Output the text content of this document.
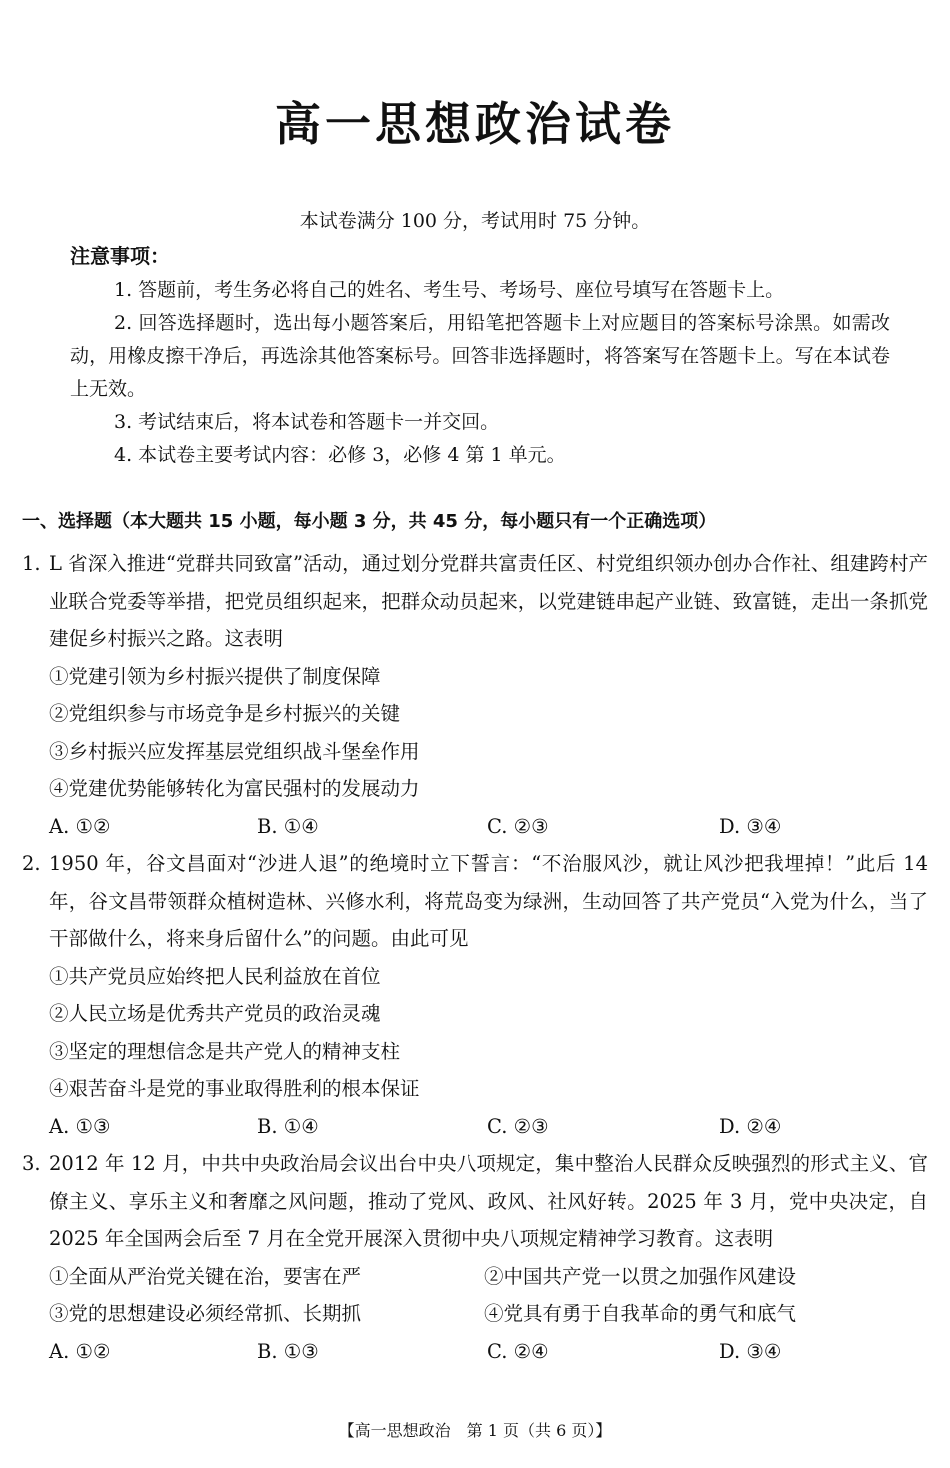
高一思想政治试卷
本试卷满分 100 分，考试用时 75 分钟。
注意事项：

1. 答题前，考生务必将自己的姓名、考生号、考场号、座位号填写在答题卡上。

2. 回答选择题时，选出每小题答案后，用铅笔把答题卡上对应题目的答案标号涂黑。如需改动，用橡皮擦干净后，再选涂其他答案标号。回答非选择题时，将答案写在答题卡上。写在本试卷上无效。

3. 考试结束后，将本试卷和答题卡一并交回。

4. 本试卷主要考试内容：必修 3，必修 4 第 1 单元。

一、选择题（本大题共 15 小题，每小题 3 分，共 45 分，每小题只有一个正确选项）
1. L 省深入推进“党群共同致富”活动，通过划分党群共富责任区、村党组织领办创办合作社、组建跨村产业联合党委等举措，把党员组织起来，把群众动员起来，以党建链串起产业链、致富链，走出一条抓党建促乡村振兴之路。这表明
①党建引领为乡村振兴提供了制度保障
②党组织参与市场竞争是乡村振兴的关键
③乡村振兴应发挥基层党组织战斗堡垒作用
④党建优势能够转化为富民强村的发展动力
A. ①②	B. ①④	C. ②③	D. ③④
2. 1950 年，谷文昌面对“沙进人退”的绝境时立下誓言：“不治服风沙，就让风沙把我埋掉！”此后 14 年，谷文昌带领群众植树造林、兴修水利，将荒岛变为绿洲，生动回答了共产党员“入党为什么，当了干部做什么，将来身后留什么”的问题。由此可见
①共产党员应始终把人民利益放在首位
②人民立场是优秀共产党员的政治灵魂
③坚定的理想信念是共产党人的精神支柱
④艰苦奋斗是党的事业取得胜利的根本保证
A. ①③	B. ①④	C. ②③	D. ②④
3. 2012 年 12 月，中共中央政治局会议出台中央八项规定，集中整治人民群众反映强烈的形式主义、官僚主义、享乐主义和奢靡之风问题，推动了党风、政风、社风好转。2025 年 3 月，党中央决定，自 2025 年全国两会后至 7 月在全党开展深入贯彻中央八项规定精神学习教育。这表明
①全面从严治党关键在治，要害在严	②中国共产党一以贯之加强作风建设
③党的思想建设必须经常抓、长期抓	④党具有勇于自我革命的勇气和底气
A. ①②	B. ①③	C. ②④	D. ③④
【高一思想政治　第 1 页（共 6 页）】
